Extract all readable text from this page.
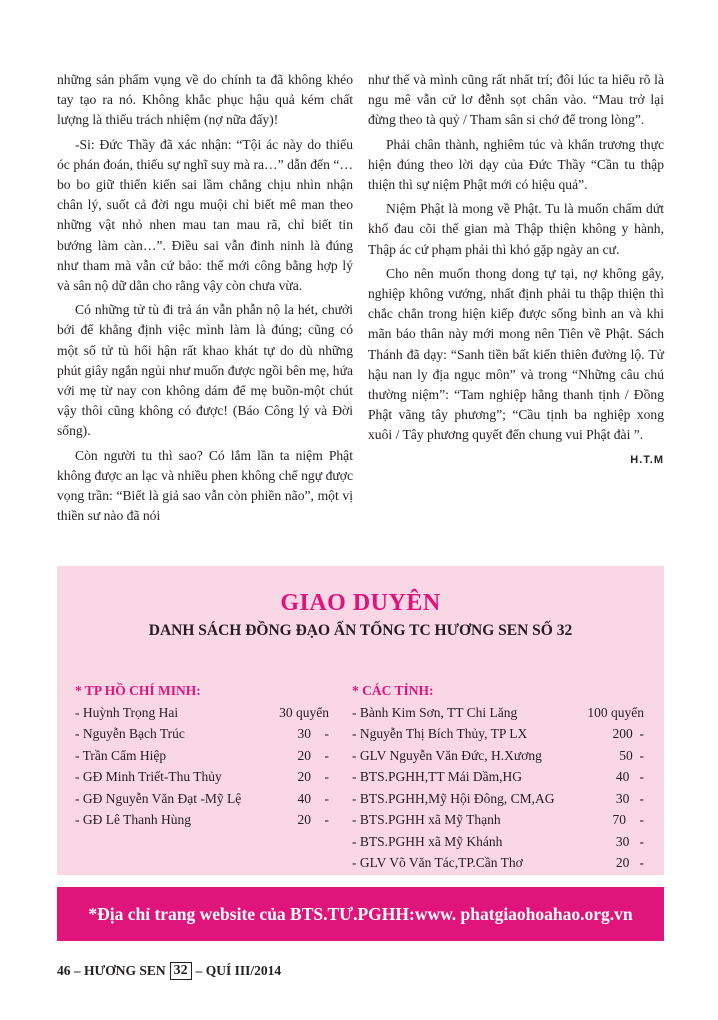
những sản phẩm vụng về do chính ta đã không khéo tay tạo ra nó. Không khắc phục hậu quả kém chất lượng là thiếu trách nhiệm (nợ nữa đấy)!

-Si: Đức Thầy đã xác nhận: “Tội ác này do thiếu óc phán đoán, thiếu sự nghĩ suy mà ra…” dẫn đến “…bo bo giữ thiển kiến sai lầm chẳng chịu nhìn nhận chân lý, suốt cả đời ngu muội chỉ biết mê man theo những vật nhỏ nhen mau tan mau rã, chỉ biết tin bướng làm càn…”. Điều sai vẫn đinh ninh là đúng như tham mà vẫn cứ bảo: thế mới công bằng hợp lý và sân nộ dữ dằn cho rằng vậy còn chưa vừa.

Có những tử tù đi trả án vẫn phẫn nộ la hét, chưởi bới để khẳng định việc mình làm là đúng; cũng có một số tử tù hối hận rất khao khát tự do dù những phút giây ngắn ngủi như muốn được ngồi bên mẹ, hứa với mẹ từ nay con không dám để mẹ buồn-một chút vậy thôi cũng không có được! (Báo Công lý và Đời sống).

Còn người tu thì sao? Có lắm lần ta niệm Phật không được an lạc và nhiều phen không chế ngự được vọng trần: “Biết là giả sao vẫn còn phiền não”, một vị thiền sư nào đã nói

như thế và mình cũng rất nhất trí; đôi lúc ta hiểu rõ là ngu mê vẫn cứ lơ đễnh sọt chân vào. “Mau trở lại đừng theo tà quỷ / Tham sân si chớ để trong lòng”.

Phải chân thành, nghiêm túc và khẩn trương thực hiện đúng theo lời dạy của Đức Thầy “Cần tu thập thiện thì sự niệm Phật mới có hiệu quả”.

Niệm Phật là mong về Phật. Tu là muốn chấm dứt khổ đau cõi thế gian mà Thập thiện không y hành, Thập ác cứ phạm phải thì khó gặp ngày an cư.

Cho nên muốn thong dong tự tại, nợ không gây, nghiệp không vướng, nhất định phải tu thập thiện thì chắc chắn trong hiện kiếp được sống bình an và khi mãn báo thân này mới mong nên Tiên về Phật. Sách Thánh đã dạy: “Sanh tiền bất kiến thiên đường lộ. Tử hậu nan ly địa ngục môn” và trong “Những câu chú thường niệm”: “Tam nghiệp hằng thanh tịnh / Đồng Phật vãng tây phương”; “Cầu tịnh ba nghiệp xong xuôi / Tây phương quyết đến chung vui Phật đài ”.

H.T.M
GIAO DUYÊN
DANH SÁCH ĐỒNG ĐẠO ẤN TỐNG TC HƯƠNG SEN SỐ 32
* TP HỒ CHÍ MINH:
- Huỳnh Trọng Hai	30 quyển
- Nguyễn Bạch Trúc	30    -
- Trần Cẩm Hiệp	20    -
- GĐ Minh Triết-Thu Thủy	20    -
- GĐ Nguyễn Văn Đạt -Mỹ Lệ	40    -
- GĐ Lê Thanh Hùng	20    -
* CÁC TỈNH:
- Bành Kim Sơn, TT Chi Lăng	100 quyển
- Nguyễn Thị Bích Thủy, TP LX	200  -
- GLV Nguyễn Văn Đức, H.Xương	50  -
- BTS.PGHH,TT Mái Dầm,HG	40   -
- BTS.PGHH,Mỹ Hội Đông, CM,AG	30   -
- BTS.PGHH xã Mỹ Thạnh	70    -
- BTS.PGHH xã Mỹ Khánh	30   -
- GLV Võ Văn Tác,TP.Cần Thơ	20   -
*Địa chỉ trang website của BTS.TƯ.PGHH:www. phatgiaohoahao.org.vn
46 – HƯƠNG SEN 32 – QUÍ III/2014
